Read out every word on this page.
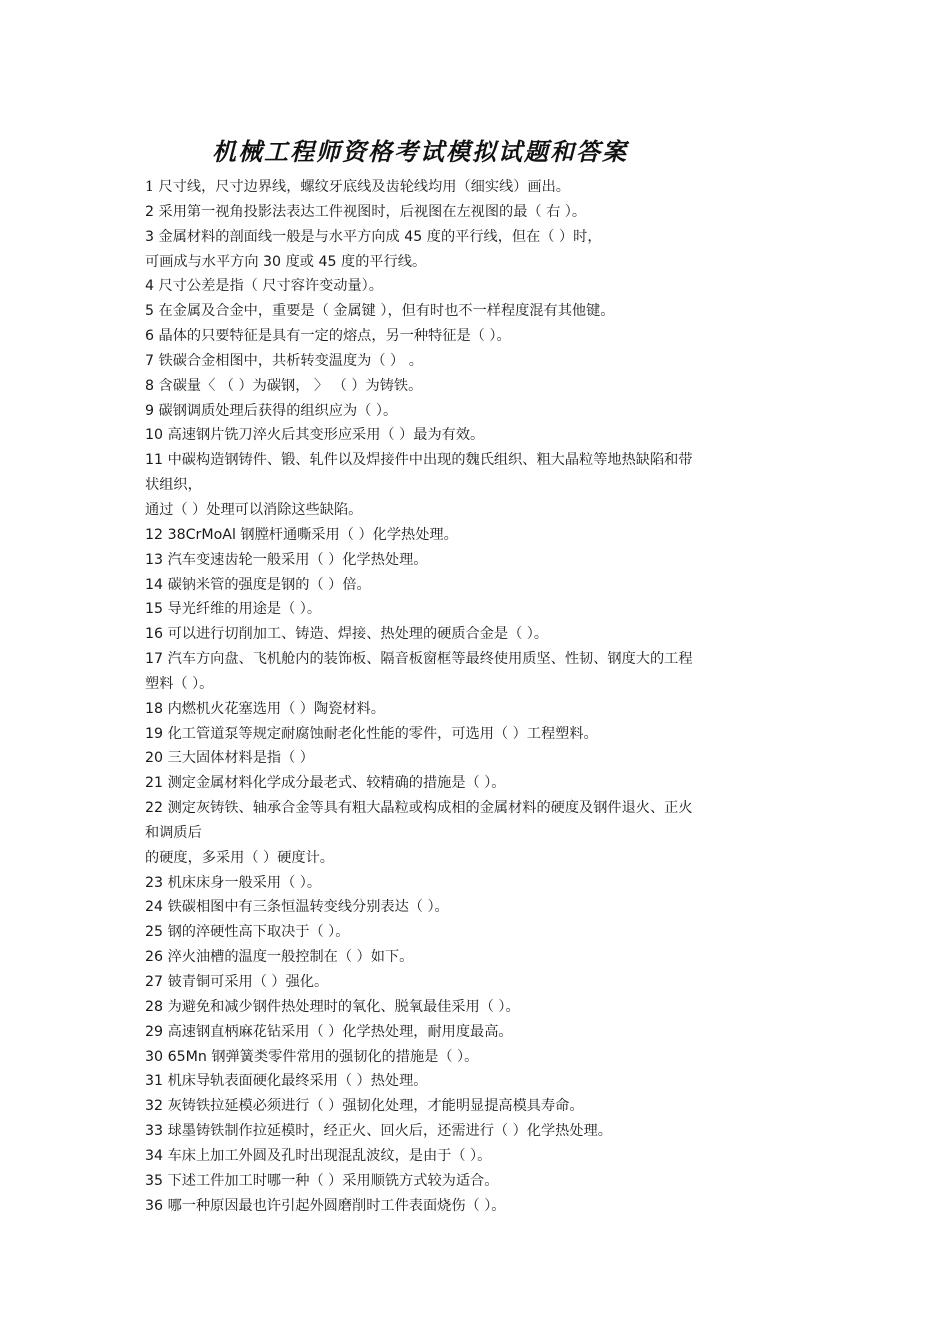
机械工程师资格考试模拟试题和答案
1 尺寸线，尺寸边界线，螺纹牙底线及齿轮线均用（细实线）画出。
2 采用第一视角投影法表达工件视图时，后视图在左视图的最（ 右 ）。
3 金属材料的剖面线一般是与水平方向成 45 度的平行线，但在（ ）时，
可画成与水平方向 30 度或 45 度的平行线。
4 尺寸公差是指（ 尺寸容许变动量）。
5 在金属及合金中，重要是（ 金属键 ），但有时也不一样程度混有其他键。
6 晶体的只要特征是具有一定的熔点，另一种特征是（ ）。
7 铁碳合金相图中，共析转变温度为（ ） 。
8 含碳量〈 （ ）为碳钢， 〉 （ ）为铸铁。
9 碳钢调质处理后获得的组织应为（ ）。
10 高速钢片铣刀淬火后其变形应采用（ ）最为有效。
11 中碳构造钢铸件、锻、轧件以及焊接件中出现的魏氏组织、粗大晶粒等地热缺陷和带
状组织，
通过（ ）处理可以消除这些缺陷。
12 38CrMoAl 钢膛杆通嘶采用（ ）化学热处理。
13 汽车变速齿轮一般采用（ ）化学热处理。
14 碳钠米管的强度是钢的（ ）倍。
15 导光纤维的用途是（ ）。
16 可以进行切削加工、铸造、焊接、热处理的硬质合金是（ ）。
17 汽车方向盘、飞机舱内的装饰板、隔音板窗框等最终使用质坚、性韧、钢度大的工程
塑料（ ）。
18 内燃机火花塞选用（ ）陶瓷材料。
19 化工管道泵等规定耐腐蚀耐老化性能的零件，可选用（ ）工程塑料。
20 三大固体材料是指（ ）
21 测定金属材料化学成分最老式、较精确的措施是（ ）。
22 测定灰铸铁、轴承合金等具有粗大晶粒或构成相的金属材料的硬度及钢件退火、正火
和调质后
的硬度，多采用（ ）硬度计。
23 机床床身一般采用（ ）。
24 铁碳相图中有三条恒温转变线分别表达（ ）。
25 钢的淬硬性高下取决于（ ）。
26 淬火油槽的温度一般控制在（ ）如下。
27 铍青铜可采用（ ）强化。
28 为避免和减少钢件热处理时的氧化、脱氧最佳采用（ ）。
29 高速钢直柄麻花钻采用（ ）化学热处理，耐用度最高。
30 65Mn 钢弹簧类零件常用的强韧化的措施是（ ）。
31 机床导轨表面硬化最终采用（ ）热处理。
32 灰铸铁拉延模必须进行（ ）强韧化处理，才能明显提高模具寿命。
33 球墨铸铁制作拉延模时，经正火、回火后，还需进行（ ）化学热处理。
34 车床上加工外圆及孔时出现混乱波纹，是由于（ ）。
35 下述工件加工时哪一种（ ）采用顺铣方式较为适合。
36 哪一种原因最也许引起外圆磨削时工件表面烧伤（ ）。
